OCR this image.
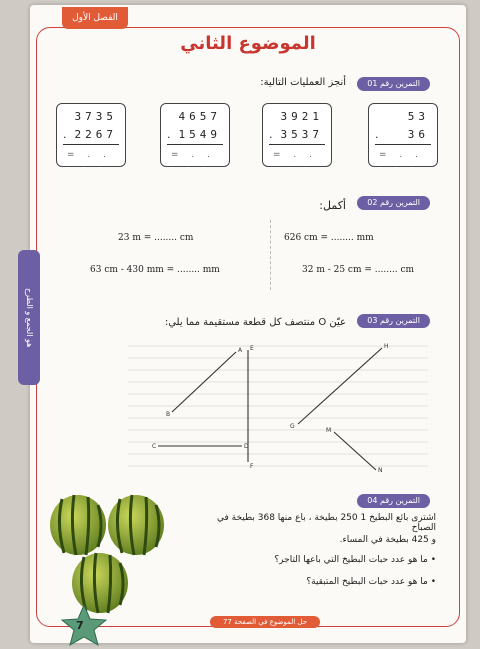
الفصل الأول
الموضوع الثاني
التمرين رقم 01
أنجز العمليات التالية:
53
.	36
= . . . . .
3921
. 3537
= . . . . .
4657
. 1549
= . . . . .
3735
. 2267
= . . . . .
التمرين رقم 02
أكمل:
23 m = ........ cm	626 cm = ........ mm
63 cm - 430 mm = ........ mm	32 m - 25 cm = ........ cm
التمرين رقم 03
عيّن O منتصف كل قطعة مستقيمة مما يلي:
A
B
C	D
E
F
G
H
M
N
التمرين رقم 04
اشترى بائع البطيخ 1 250 بطيخة ، باع منها 368 بطيخة في الصباح
و 425 بطيخة في المساء.
• ما هو عدد حبات البطيخ التي باعها التاجر؟
• ما هو عدد حبات البطيخ المتبقية؟
حل الموضوع في الصفحة 77
7
هو الجمع و الطرح
